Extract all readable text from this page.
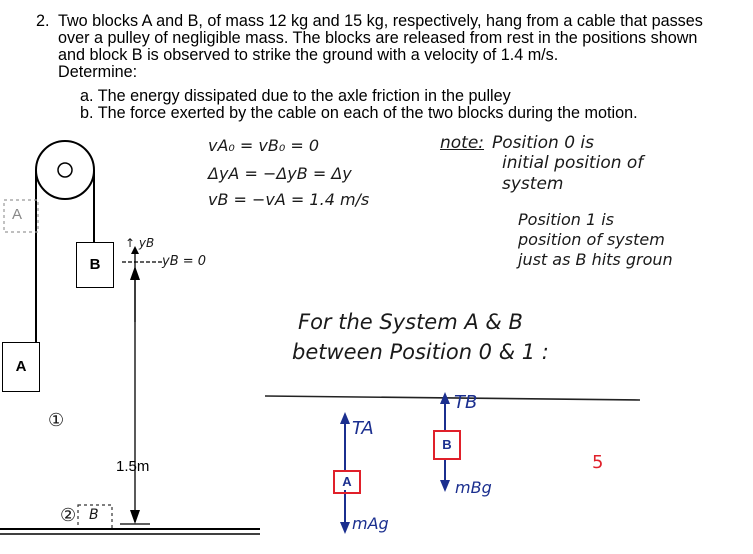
2. Two blocks A and B, of mass 12 kg and 15 kg, respectively, hang from a cable that passes
over a pulley of negligible mass. The blocks are released from rest in the positions shown
and block B is observed to strike the ground with a velocity of 1.4 m/s.
Determine:
a. The energy dissipated due to the axle friction in the pulley
b. The force exerted by the cable on each of the two blocks during the motion.
A
A
B
B
①
②
1.5m
↑ yB
yB = 0
vA₀ = vB₀ = 0
ΔyA = −ΔyB = Δy
vB = −vA = 1.4 m/s
note: Position 0 is
initial position of
system
Position 1 is
position of system
just as B hits groun
For the System A & B
between Position 0 & 1 :
TA
TB
A
B
mAg
mBg
5
